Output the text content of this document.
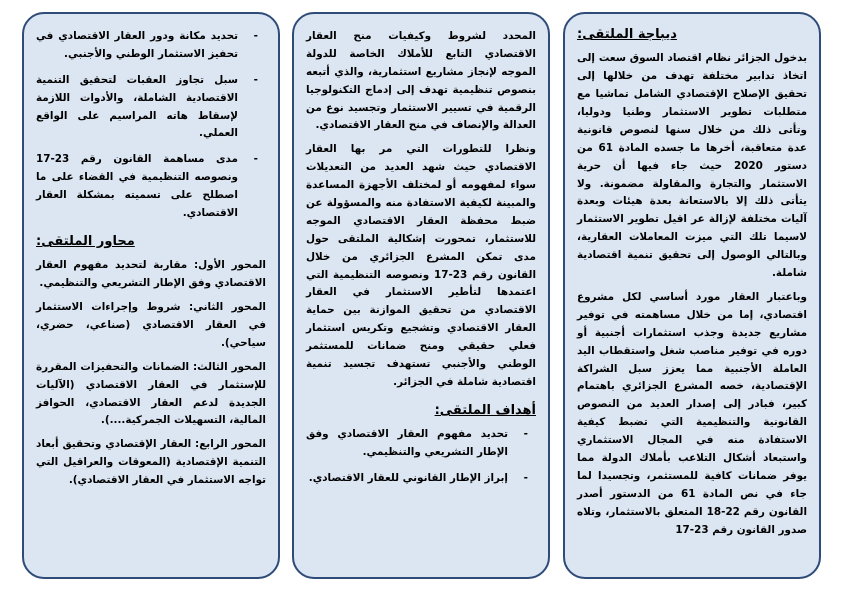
ديباجة الملتقى:

بدخول الجزائر نظام اقتصاد السوق سعت إلى اتخاذ تدابير مختلفة تهدف من خلالها إلى تحقيق الإصلاح الإقتصادي الشامل تماشيا مع متطلبات تطوير الاستثمار وطنيا ودوليا، وتأتى ذلك من خلال سنها لنصوص قانونية عدة متعاقبة، أخرها ما جسده المادة 61 من دستور 2020 حيث جاء فيها أن حرية الاستثمار والتجارة والمقاولة مضمونة. ولا يتأتى ذلك إلا بالاستعانة بعدة هيئات وبعدة آليات مختلفة لإزالة عر اقيل تطوير الاستثمار لاسيما تلك التي ميزت المعاملات العقارية، وبالتالي الوصول إلى تحقيق تنمية اقتصادية شاملة.

وباعتبار العقار مورد أساسي لكل مشروع اقتصادي، إما من خلال مساهمته في توفير مشاريع جديدة وجذب استثمارات أجنبية أو دوره في توفير مناصب شغل واستقطاب اليد العاملة الأجنبية مما يعزز سبل الشراكة الإقتصادية، خصه المشرع الجزائري باهتمام كبير، فبادر إلى إصدار العديد من النصوص القانونية والتنظيمية التي تضبط كيفية الاستفادة منه في المجال الاستثماري واستبعاد أشكال التلاعب بأملاك الدولة مما يوفر ضمانات كافية للمستثمر، وتجسيدا لما جاء في نص المادة 61 من الدستور أصدر القانون رقم 22-18 المتعلق بالاستثمار، وتلاه صدور القانون رقم 23-17

المحدد لشروط وكيفيات منح العقار الاقتصادي التابع للأملاك الخاصة للدولة الموجه لإنجاز مشاريع استثمارية، والذي أتبعه بنصوص تنظيمية تهدف إلى إدماج التكنولوجيا الرقمية في تسيير الاستثمار وتجسيد نوع من العدالة والإنصاف في منح العقار الاقتصادي.

ونظرا للتطورات التي مر بها العقار الاقتصادي حيث شهد العديد من التعديلات سواء لمفهومه أو لمختلف الأجهزة المساعدة والمبينة لكيفية الاستفادة منه والمسؤولة عن ضبط محفظة العقار الاقتصادي الموجه للاستثمار، تمحورت إشكالية الملتقى حول مدى تمكن المشرع الجزائري من خلال القانون رقم 23-17 ونصوصه التنظيمية التي اعتمدها لتأطير الاستثمار في العقار الاقتصادي من تحقيق الموازنة بين حماية العقار الاقتصادي وتشجيع وتكريس استثمار فعلي حقيقي ومنح ضمانات للمستثمر الوطني والأجنبي تستهدف تجسيد تنمية اقتصادية شاملة في الجزائر.

أهداف الملتقى:
- تحديد مفهوم العقار الاقتصادي وفق الإطار التشريعي والتنظيمي.
- إبراز الإطار القانوني للعقار الاقتصادي.
- تحديد مكانة ودور العقار الاقتصادي في تحفيز الاستثمار الوطني والأجنبي.
- سبل تجاوز العقبات لتحقيق التنمية الاقتصادية الشاملة، والأدوات اللازمة لإسقاط هاته المراسيم على الواقع العملي.
- مدى مساهمة القانون رقم 23-17 ونصوصه التنظيمية في القضاء على ما اصطلح على تسميته بمشكلة العقار الاقتصادي.
محاور الملتقى:

المحور الأول: مقاربة لتحديد مفهوم العقار الاقتصادي وفق الإطار التشريعي والتنظيمي.

المحور الثاني: شروط وإجراءات الاستثمار في العقار الاقتصادي (صناعي، حضري، سياحي).

المحور الثالث: الضمانات والتحفيزات المقررة للإستثمار في العقار الاقتصادي (الآليات الجديدة لدعم العقار الاقتصادي، الحوافز المالية، التسهيلات الجمركية....).

المحور الرابع: العقار الإقتصادي وتحقيق أبعاد التنمية الإقتصادية (المعوقات والعراقيل التي تواجه الاستثمار في العقار الاقتصادي).
